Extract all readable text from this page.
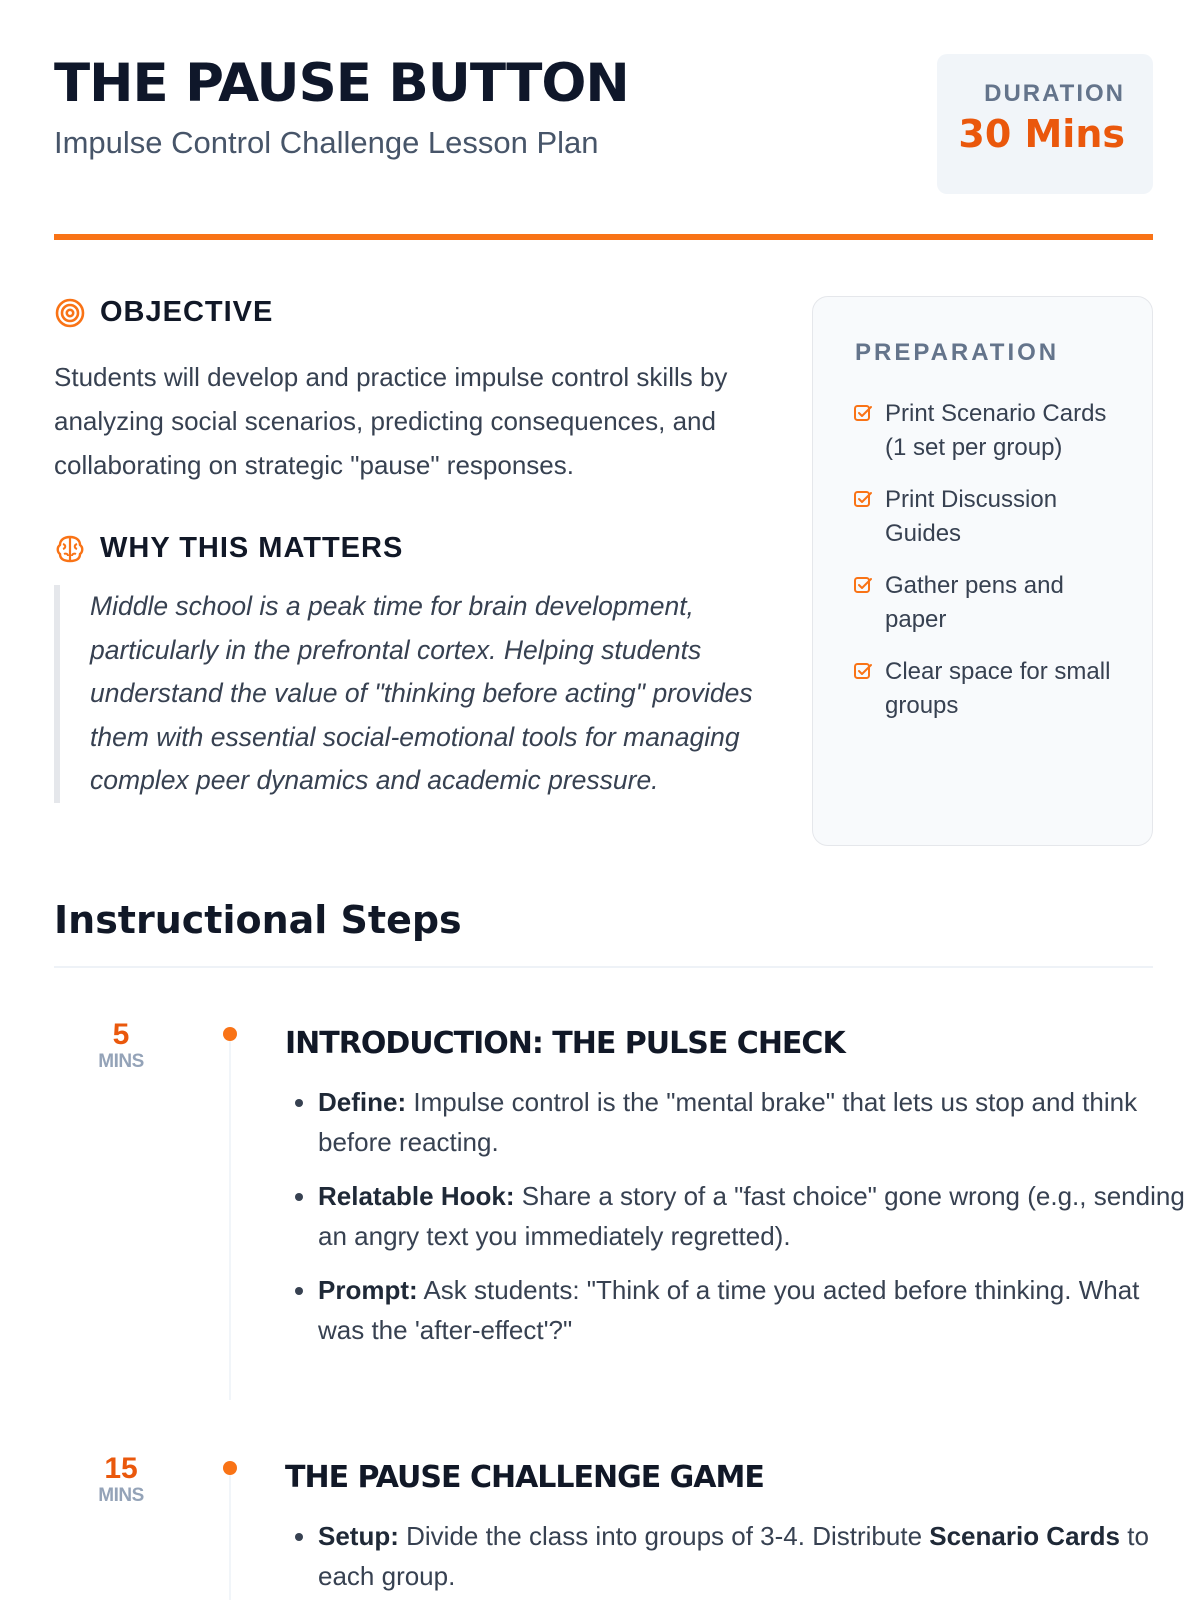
THE PAUSE BUTTON
Impulse Control Challenge Lesson Plan
DURATION
30 Mins
OBJECTIVE

Students will develop and practice impulse control skills by analyzing social scenarios, predicting consequences, and collaborating on strategic "pause" responses.

WHY THIS MATTERS
Middle school is a peak time for brain development, particularly in the prefrontal cortex. Helping students understand the value of "thinking before acting" provides them with essential social-emotional tools for managing complex peer dynamics and academic pressure.
PREPARATION
Print Scenario Cards (1 set per group)
Print Discussion Guides
Gather pens and paper
Clear space for small groups
Instructional Steps
5
MINS
INTRODUCTION: THE PULSE CHECK
• Define: Impulse control is the "mental brake" that lets us stop and think before reacting.
• Relatable Hook: Share a story of a "fast choice" gone wrong (e.g., sending an angry text you immediately regretted).
• Prompt: Ask students: "Think of a time you acted before thinking. What was the 'after-effect'?"
15
MINS
THE PAUSE CHALLENGE GAME
• Setup: Divide the class into groups of 3-4. Distribute Scenario Cards to each group.
